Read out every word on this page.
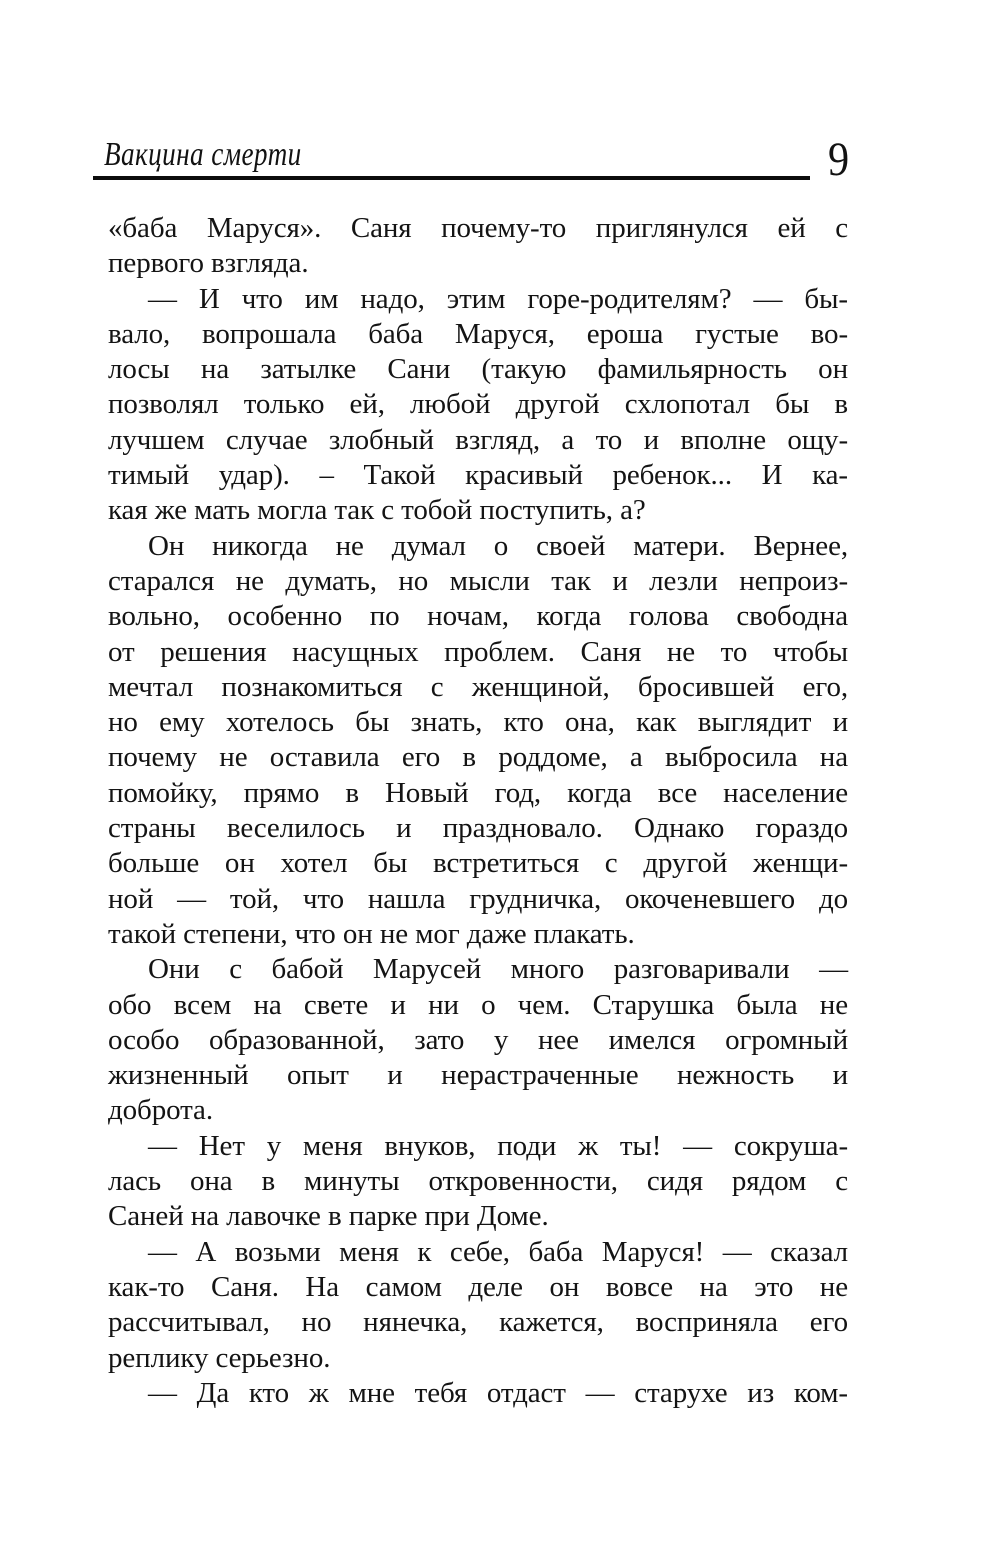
Вакцина смерти	9
«баба Маруся». Саня почему-то приглянулся ей с
первого взгляда.
— И что им надо, этим горе-родителям? — бы-
вало, вопрошала баба Маруся, ероша густые во-
лосы на затылке Сани (такую фамильярность он
позволял только ей, любой другой схлопотал бы в
лучшем случае злобный взгляд, а то и вполне ощу-
тимый удар). – Такой красивый ребенок... И ка-
кая же мать могла так с тобой поступить, а?
Он никогда не думал о своей матери. Вернее,
старался не думать, но мысли так и лезли непроиз-
вольно, особенно по ночам, когда голова свободна
от решения насущных проблем. Саня не то чтобы
мечтал познакомиться с женщиной, бросившей его,
но ему хотелось бы знать, кто она, как выглядит и
почему не оставила его в роддоме, а выбросила на
помойку, прямо в Новый год, когда все население
страны веселилось и праздновало. Однако гораздо
больше он хотел бы встретиться с другой женщи-
ной — той, что нашла грудничка, окоченевшего до
такой степени, что он не мог даже плакать.
Они с бабой Марусей много разговаривали —
обо всем на свете и ни о чем. Старушка была не
особо образованной, зато у нее имелся огромный
жизненный опыт и нерастраченные нежность и
доброта.
— Нет у меня внуков, поди ж ты! — сокруша-
лась она в минуты откровенности, сидя рядом с
Саней на лавочке в парке при Доме.
— А возьми меня к себе, баба Маруся! — сказал
как-то Саня. На самом деле он вовсе на это не
рассчитывал, но нянечка, кажется, восприняла его
реплику серьезно.
— Да кто ж мне тебя отдаст — старухе из ком-
